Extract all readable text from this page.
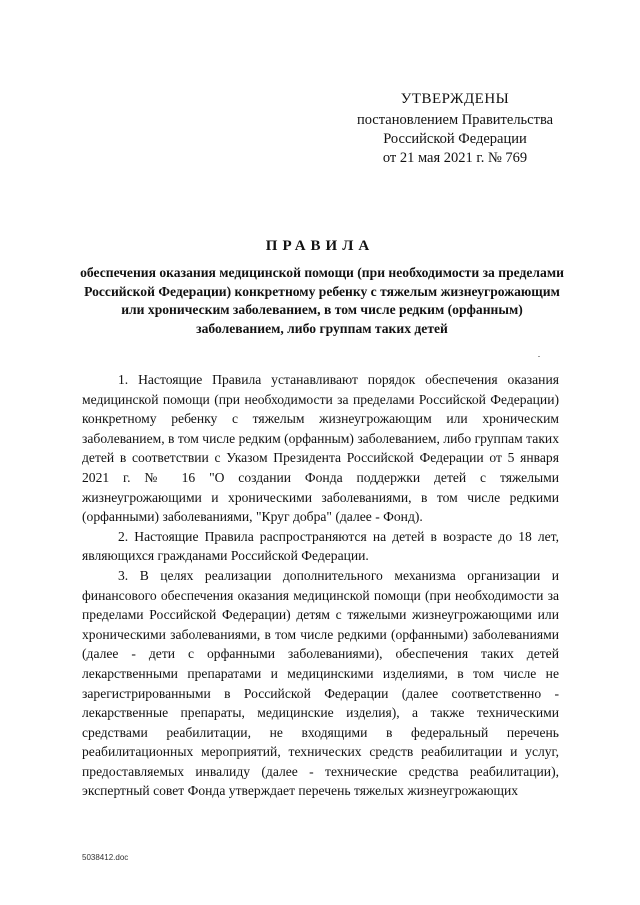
УТВЕРЖДЕНЫ
постановлением Правительства
Российской Федерации
от 21 мая 2021 г. № 769
ПРАВИЛА
обеспечения оказания медицинской помощи (при необходимости за пределами Российской Федерации) конкретному ребенку с тяжелым жизнеугрожающим или хроническим заболеванием, в том числе редким (орфанным) заболеванием, либо группам таких детей

1. Настоящие Правила устанавливают порядок обеспечения оказания медицинской помощи (при необходимости за пределами Российской Федерации) конкретному ребенку с тяжелым жизнеугрожающим или хроническим заболеванием, в том числе редким (орфанным) заболеванием, либо группам таких детей в соответствии с Указом Президента Российской Федерации от 5 января 2021 г. № 16 "О создании Фонда поддержки детей с тяжелыми жизнеугрожающими и хроническими заболеваниями, в том числе редкими (орфанными) заболеваниями, "Круг добра" (далее - Фонд).

2. Настоящие Правила распространяются на детей в возрасте до 18 лет, являющихся гражданами Российской Федерации.

3. В целях реализации дополнительного механизма организации и финансового обеспечения оказания медицинской помощи (при необходимости за пределами Российской Федерации) детям с тяжелыми жизнеугрожающими или хроническими заболеваниями, в том числе редкими (орфанными) заболеваниями (далее - дети с орфанными заболеваниями), обеспечения таких детей лекарственными препаратами и медицинскими изделиями, в том числе не зарегистрированными в Российской Федерации (далее соответственно - лекарственные препараты, медицинские изделия), а также техническими средствами реабилитации, не входящими в федеральный перечень реабилитационных мероприятий, технических средств реабилитации и услуг, предоставляемых инвалиду (далее - технические средства реабилитации), экспертный совет Фонда утверждает перечень тяжелых жизнеугрожающих

5038412.doc
